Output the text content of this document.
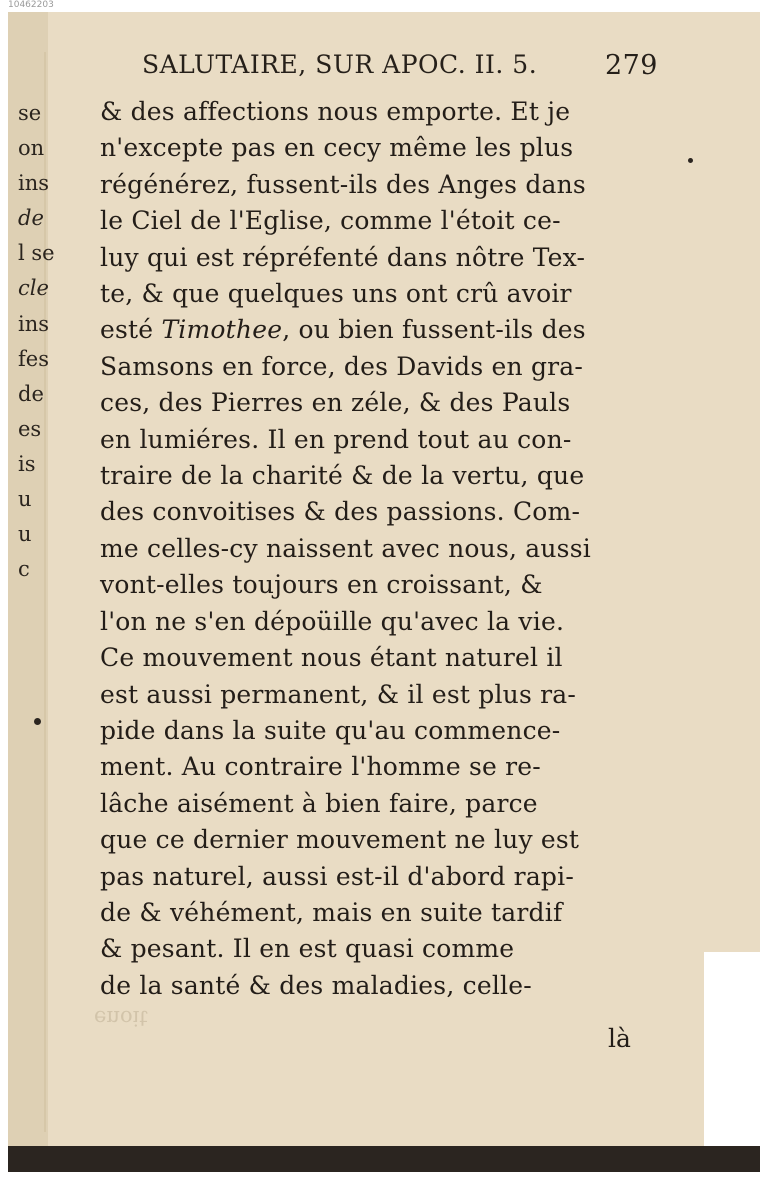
10462203
se
on
ins
de
l se
cle
ins
fes
de
es
is
u
u
c
SALUTAIRE, SUR APOC. II. 5.	279
& des affections nous emporte. Et je
n'excepte pas en cecy même les plus
régénérez, fussent-ils des Anges dans
le Ciel de l'Eglise, comme l'étoit ce-
luy qui est répréfenté dans nôtre Tex-
te, & que quelques uns ont crû avoir
esté Timothee, ou bien fussent-ils des
Samsons en force, des Davids en gra-
ces, des Pierres en zéle, & des Pauls
en lumiéres. Il en prend tout au con-
traire de la charité & de la vertu, que
des convoitises & des passions. Com-
me celles-cy naissent avec nous, aussi
vont-elles toujours en croissant, &
l'on ne s'en dépoüille qu'avec la vie.
Ce mouvement nous étant naturel il
est aussi permanent, & il est plus ra-
pide dans la suite qu'au commence-
ment. Au contraire l'homme se re-
lâche aisément à bien faire, parce
que ce dernier mouvement ne luy est
pas naturel, aussi est-il d'abord rapi-
de & véhément, mais en suite tardif
& pesant. Il en est quasi comme
de la santé & des maladies, celle-
enoit
là
